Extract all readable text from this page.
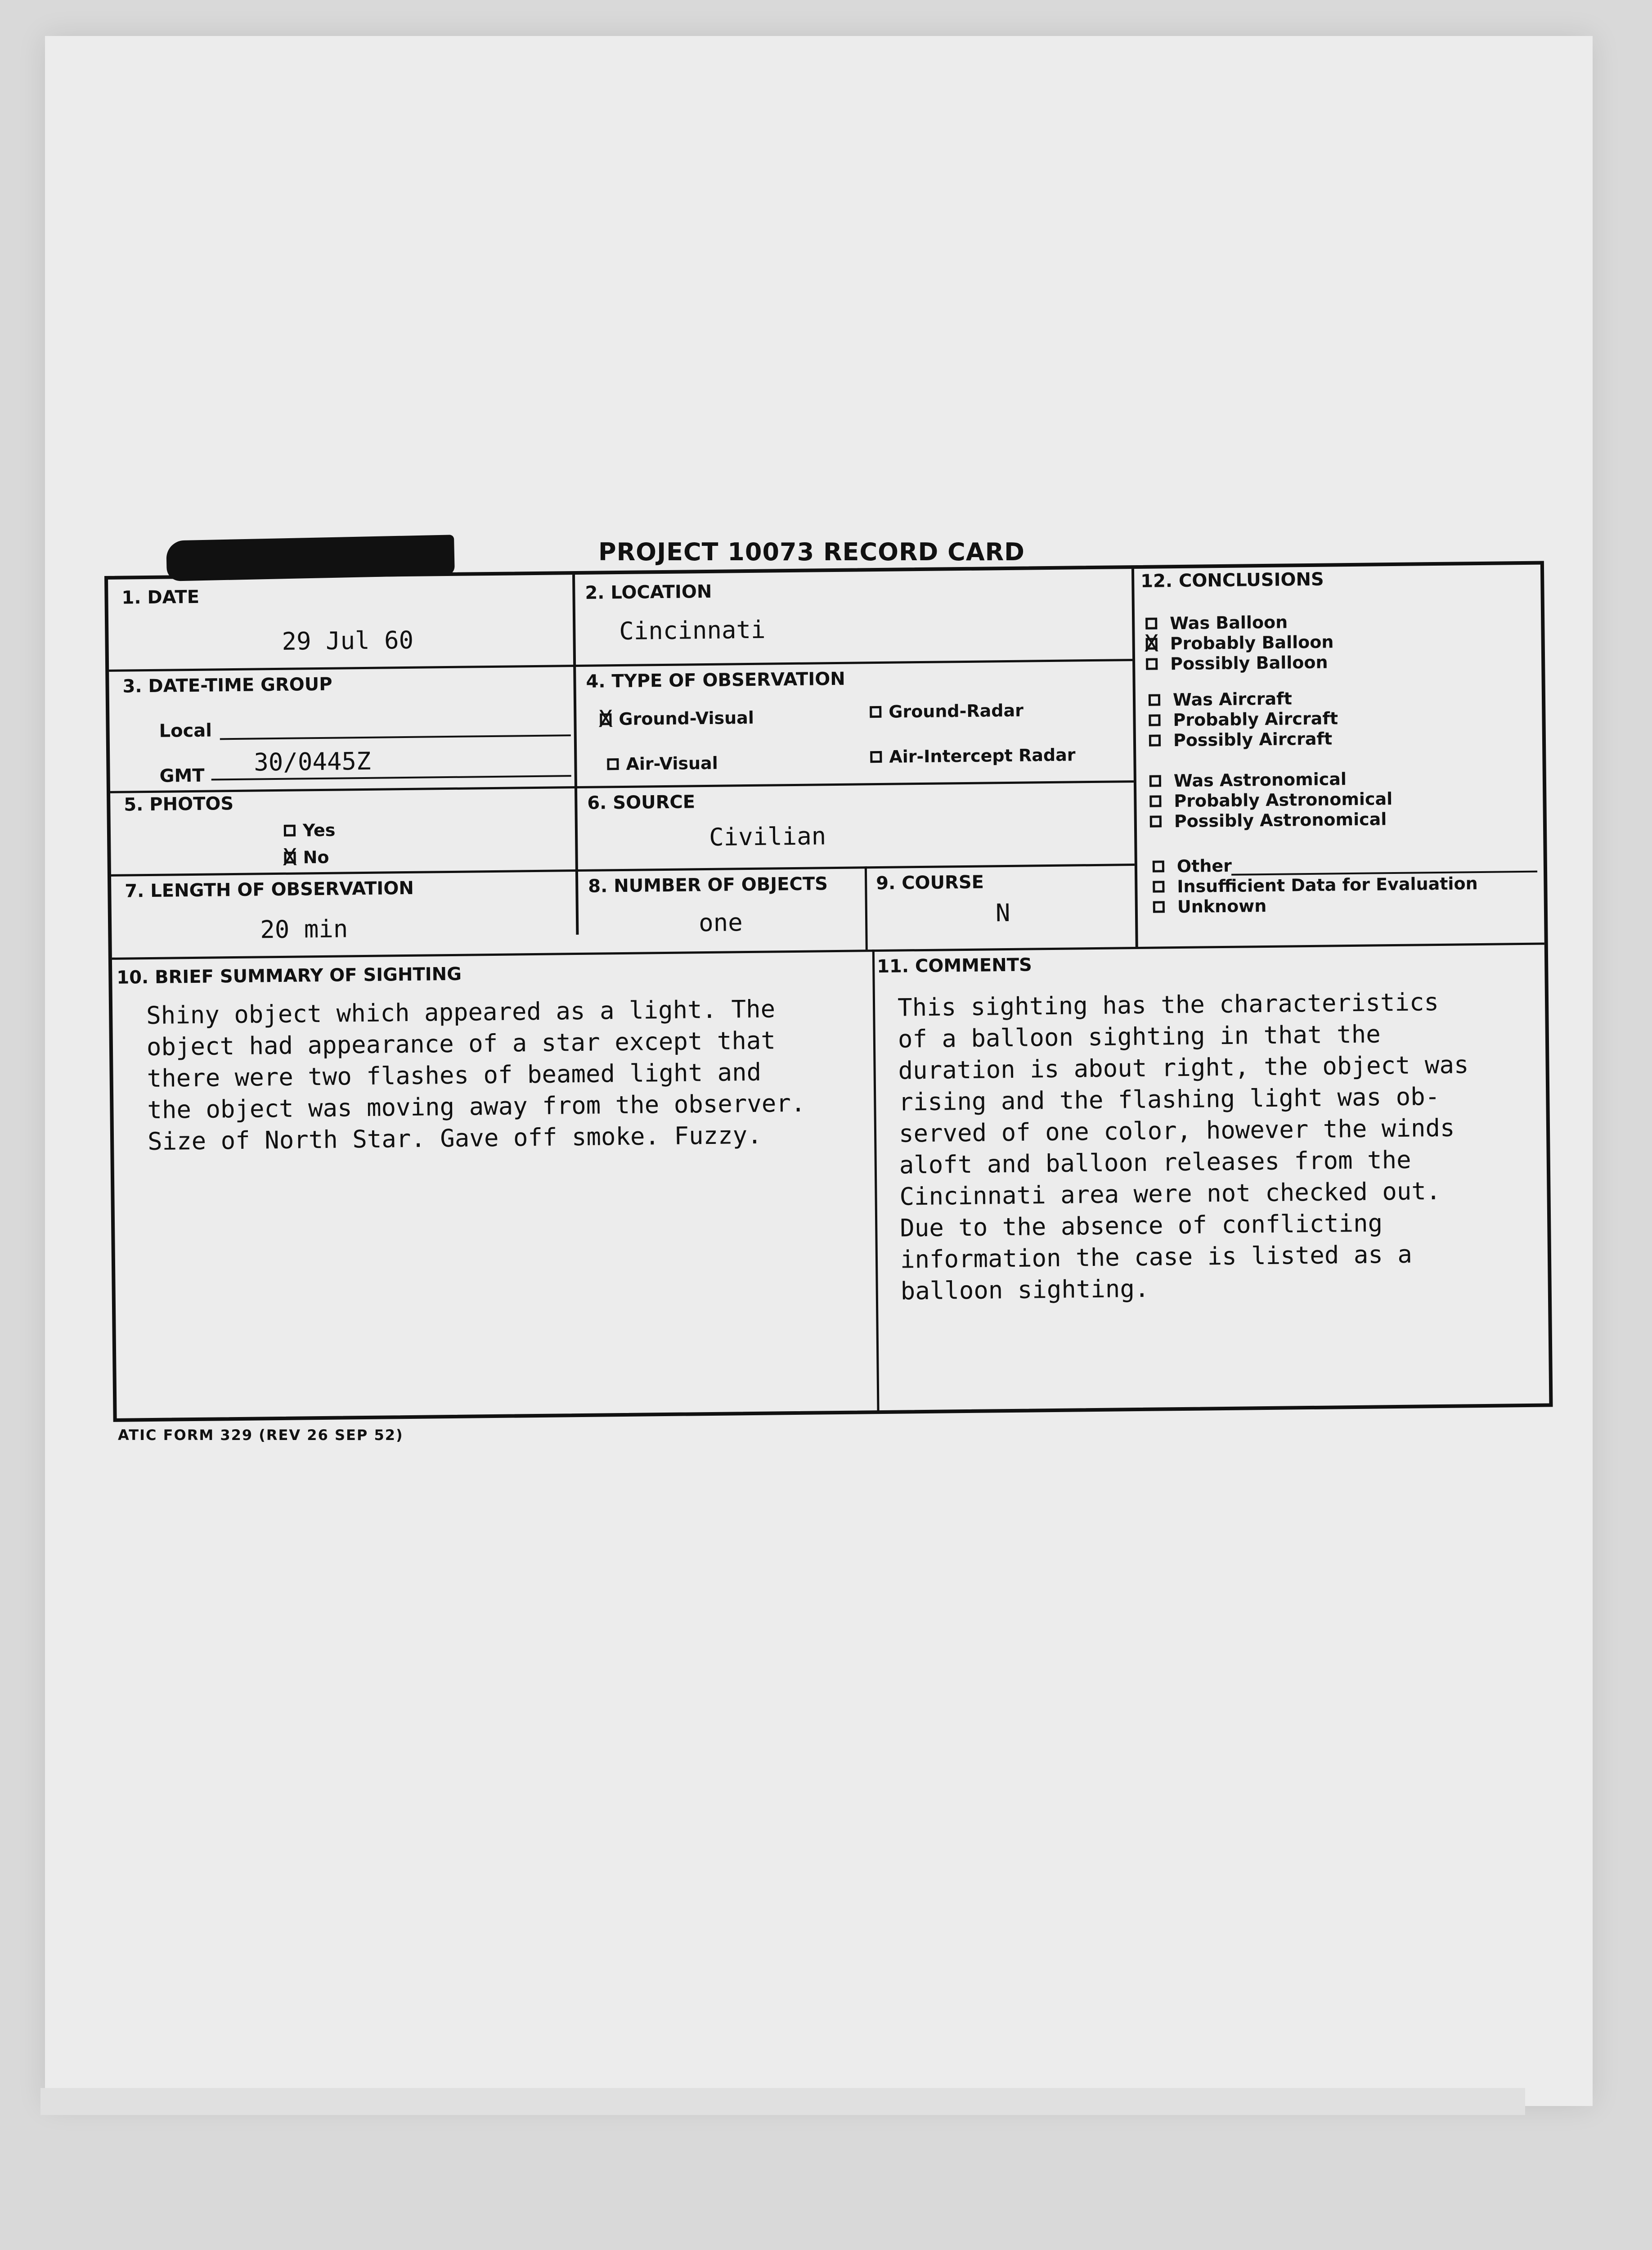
PROJECT 10073 RECORD CARD
1. DATE
29 Jul 60
2. LOCATION
Cincinnati
3. DATE-TIME GROUP
Local
GMT 30/0445Z
4. TYPE OF OBSERVATION
X
Ground-Visual	Ground-Radar
Air-Visual	Air-Intercept Radar
5. PHOTOS
Yes
X
No
6. SOURCE
Civilian
7. LENGTH OF OBSERVATION
20 min
8. NUMBER OF OBJECTS
one
9. COURSE
N
10. BRIEF SUMMARY OF SIGHTING
Shiny object which appeared as a light. The
object had appearance of a star except that
there were two flashes of beamed light and
the object was moving away from the observer.
Size of North Star. Gave off smoke. Fuzzy.
11. COMMENTS
This sighting has the characteristics
of a balloon sighting in that the
duration is about right, the object was
rising and the flashing light was ob-
served of one color, however the winds
aloft and balloon releases from the
Cincinnati area were not checked out.
Due to the absence of conflicting
information the case is listed as a
balloon sighting.
12. CONCLUSIONS
Was Balloon
X
Probably Balloon
Possibly Balloon
Was Aircraft
Probably Aircraft
Possibly Aircraft
Was Astronomical
Probably Astronomical
Possibly Astronomical
Other
Insufficient Data for Evaluation
Unknown
ATIC FORM 329 (REV 26 SEP 52)
